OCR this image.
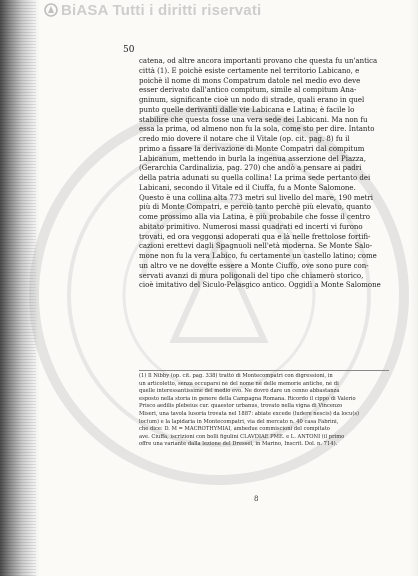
BiASA Tutti i diritti riservati
50
catena, od altre ancora importanti provano che questa fu un'antica
città (1). E poichè esiste certamente nel territorio Labicano, e
poichè il nome di mons Compatrum datole nel medio evo deve
esser derivato dall'antico compitum, simile al compitum Ana-
gninum, significante cioè un nodo di strade, quali erano in quel
punto quelle derivanti dalle vie Labicana e Latina; è facile lo
stabilire che questa fosse una vera sede dei Labicani. Ma non fu
essa la prima, od almeno non fu la sola, come sto per dire. Intanto
credo mio dovere il notare che il Vitale (op. cit. pag. 8) fu il
primo a fissare la derivazione di Monte Compatri dal compitum
Labicanum, mettendo in burla la ingenua asserzione del Piazza,
(Gerarchia Cardinalizia, pag. 270) che andò a pensare ai padri
della patria adunati su quella collina! La prima sede pertanto dei
Labicani, secondo il Vitale ed il Ciuffa, fu a Monte Salomone.
Questo è una collina alta 773 metri sul livello del mare, 190 metri
più di Monte Compatri, e perciò tanto perchè più elevato, quanto
come prossimo alla via Latina, è più probabile che fosse il centro
abitato primitivo. Numerosi massi quadrati ed incerti vi furono
trovati, ed ora veggonsi adoperati qua e là nelle frettolose fortifi-
cazioni erettevi dagli Spagnuoli nell'età moderna. Se Monte Salo-
mone non fu la vera Labico, fu certamente un castello latino; come
un altro ve ne dovette essere a Monte Ciuffo, ove sono pure con-
servati avanzi di mura poligonali del tipo che chiamerò storico,
cioè imitativo del Siculo-Pelasgico antico. Oggidì a Monte Salomone
(1) Il Nibby (op. cit. pag. 338) trattò di Montecompatri con digressioni, in
un articoletto, senza occuparsi nè del nome nè delle memorie antiche, nè di
quelle interessantissime del medio evo. Ne dovrò dare un cenno abbastanza
esposto nella storia in genere della Campagna Romana. Ricordo il cippo di Valerio
Prisco aedilis plebeius cur. quaestor urbanus, trovato nella vigna di Vincenzo
Miseri, una tavola lusoria trovata nel 1887: abiate excede (ludere nescis) da locu(s)
loc(um) e la lapidaria in Montecompatri, via del mercato n. 40 casa Fabrini,
che dice: D. M = MACROTHYMIAI, ambedue commiscioni del compitato
ave. Ciuffa, iscrizioni con bolli figulini CLAVDIAE PME. e L. ANTONI (il primo
offre una variante dalla lezione del Dressel, in Marino, Inscrit. Dol. n. 714).
8
